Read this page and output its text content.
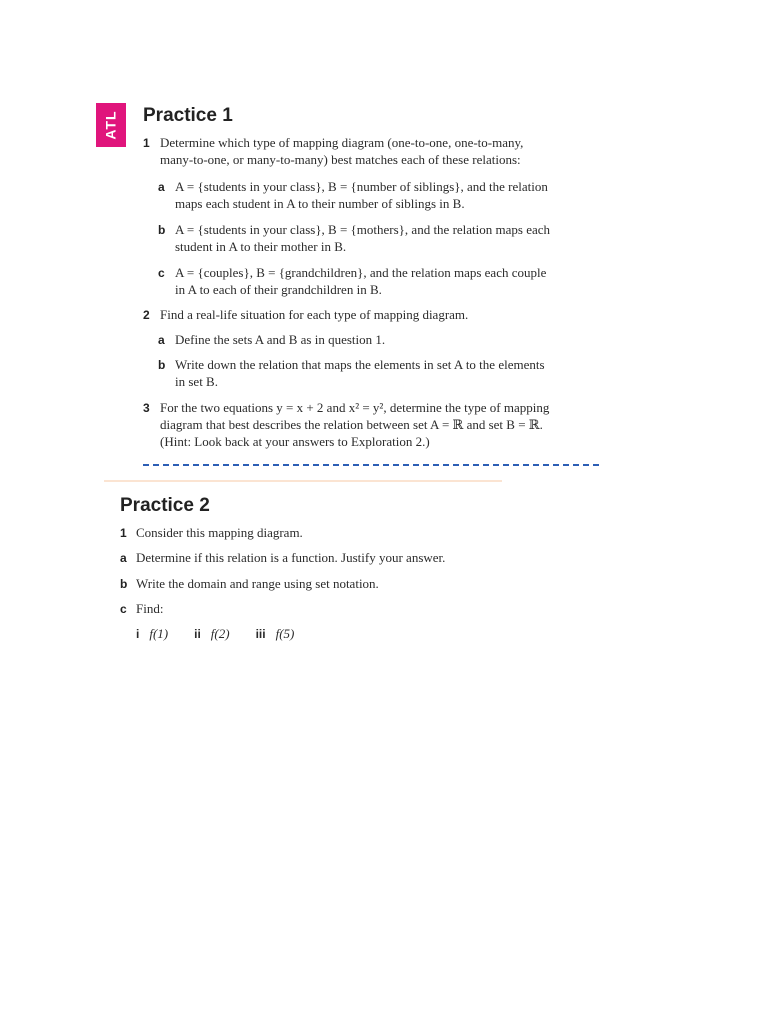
ATL Practice 1
1 Determine which type of mapping diagram (one-to-one, one-to-many,
many-to-one, or many-to-many) best matches each of these relations:
a A = {students in your class}, B = {number of siblings}, and the relation
maps each student in A to their number of siblings in B.
b A = {students in your class}, B = {mothers}, and the relation maps each
student in A to their mother in B.
c A = {couples}, B = {grandchildren}, and the relation maps each couple
in A to each of their grandchildren in B.
2 Find a real-life situation for each type of mapping diagram.
a Define the sets A and B as in question 1.
b Write down the relation that maps the elements in set A to the elements
in set B.
3 For the two equations y = x + 2 and x² = y², determine the type of mapping
diagram that best describes the relation between set A = ℝ and set B = ℝ.
(Hint: Look back at your answers to Exploration 2.)
Practice 2
1 Consider this mapping diagram.
a Determine if this relation is a function. Justify your answer.
b Write the domain and range using set notation.
c Find:
i f(1) ii f(2) iii f(5)
